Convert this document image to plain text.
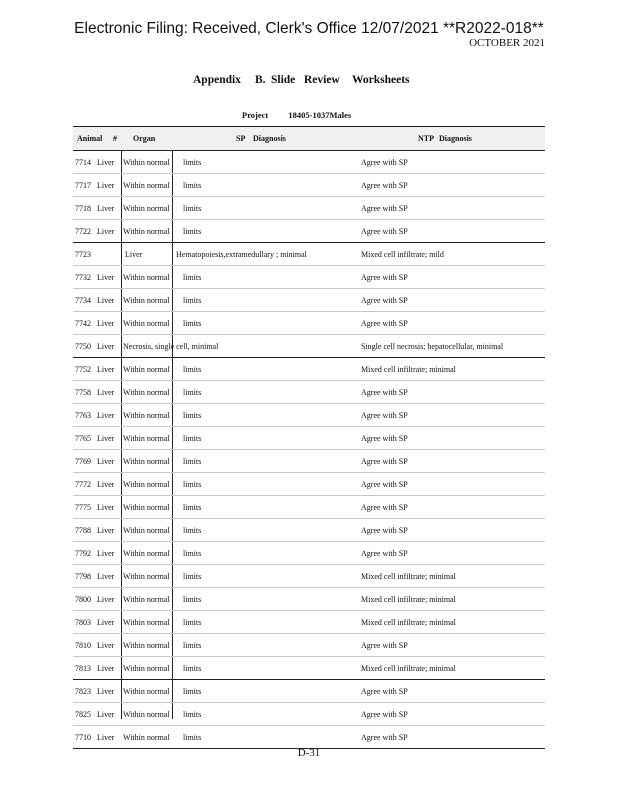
Electronic Filing: Received, Clerk's Office 12/07/2021 **R2022-018**
OCTOBER 2021
Appendix B. Slide Review Worksheets
Project 18405-1037Males
Animal # Organ	SP Diagnosis	NTP Diagnosis
7714 Liver Within normal limits	Agree with SP
7717 Liver Within normal limits	Agree with SP
7718 Liver Within normal limits	Agree with SP
7722 Liver Within normal limits	Agree with SP
7723	Liver	Hematopoiesis,extramedullary ; minimal	Mixed cell infiltrate; mild
7732 Liver Within normal limits	Agree with SP
7734 Liver Within normal limits	Agree with SP
7742 Liver Within normal limits	Agree with SP
7750 Liver Necrosis, single cell, minimal	Single cell necrosis; hepatocellular, minimal
7752 Liver Within normal limits	Mixed cell infiltrate; minimal
7758 Liver Within normal limits	Agree with SP
7763 Liver Within normal limits	Agree with SP
7765 Liver Within normal limits	Agree with SP
7769 Liver Within normal limits	Agree with SP
7772 Liver Within normal limits	Agree with SP
7775 Liver Within normal limits	Agree with SP
7788 Liver Within normal limits	Agree with SP
7792 Liver Within normal limits	Agree with SP
7798 Liver Within normal limits	Mixed cell infiltrate; minimal
7800 Liver Within normal limits	Mixed cell infiltrate; minimal
7803 Liver Within normal limits	Mixed cell infiltrate; minimal
7810 Liver Within normal limits	Agree with SP
7813 Liver Within normal limits	Mixed cell infiltrate; minimal
7823 Liver Within normal limits	Agree with SP
7825 Liver Within normal limits	Agree with SP
7710 Liver Within normal limits	Agree with SP
D-31
